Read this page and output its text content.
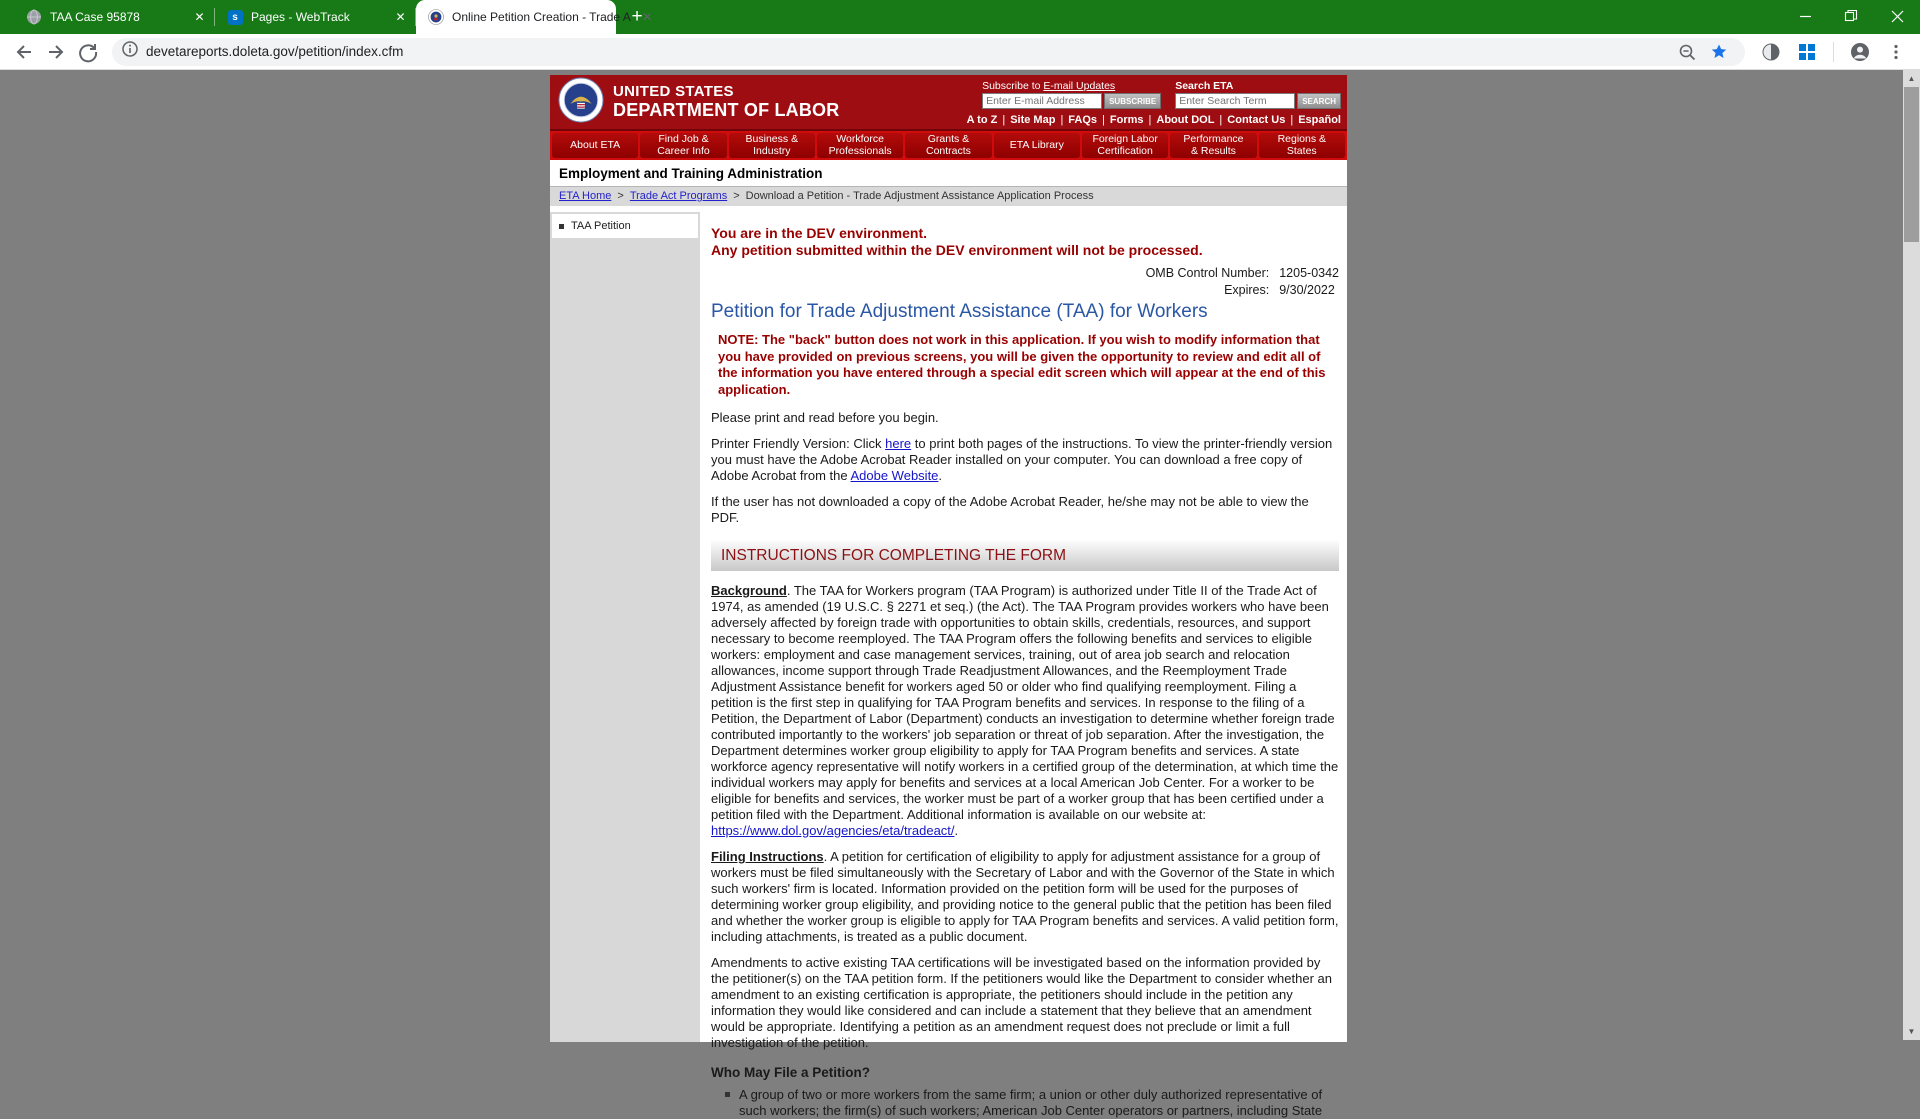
TAA Case 95878	✕	s	Pages - WebTrack	✕	Online Petition Creation - Trade A ✕
+
devetareports.doleta.gov/petition/index.cfm
UNITED STATES
DEPARTMENT OF LABOR
Subscribe to E-mail Updates
Enter E-mail Address
SUBSCRIBE
Search ETA
Enter Search Term
SEARCH
A to Z | Site Map | FAQs | Forms | About DOL | Contact Us | Español
About ETA	Find Job &
Career Info
Business &
Industry
Workforce
Professionals
Grants &
Contracts	ETA Library	Foreign Labor
Certification
Performance
& Results
Regions &
States
Employment and Training Administration
ETA Home > Trade Act Programs > Download a Petition - Trade Adjustment Assistance Application Process
TAA Petition	You are in the DEV environment.
Any petition submitted within the DEV environment will not be processed.
OMB Control Number: 1205-0342
Expires: 9/30/2022
Petition for Trade Adjustment Assistance (TAA) for Workers
NOTE: The "back" button does not work in this application. If you wish to modify information that you have provided on previous screens, you will be given the opportunity to review and edit all of the information you have entered through a special edit screen which will appear at the end of this application.

Please print and read before you begin.

Printer Friendly Version: Click here to print both pages of the instructions. To view the printer-friendly version you must have the Adobe Acrobat Reader installed on your computer. You can download a free copy of Adobe Acrobat from the Adobe Website.

If the user has not downloaded a copy of the Adobe Acrobat Reader, he/she may not be able to view the PDF.

INSTRUCTIONS FOR COMPLETING THE FORM

Background. The TAA for Workers program (TAA Program) is authorized under Title II of the Trade Act of 1974, as amended (19 U.S.C. § 2271 et seq.) (the Act). The TAA Program provides workers who have been adversely affected by foreign trade with opportunities to obtain skills, credentials, resources, and support necessary to become reemployed. The TAA Program offers the following benefits and services to eligible workers: employment and case management services, training, out of area job search and relocation allowances, income support through Trade Readjustment Allowances, and the Reemployment Trade Adjustment Assistance benefit for workers aged 50 or older who find qualifying reemployment. Filing a petition is the first step in qualifying for TAA Program benefits and services. In response to the filing of a Petition, the Department of Labor (Department) conducts an investigation to determine whether foreign trade contributed importantly to the workers' job separation or threat of job separation. After the investigation, the Department determines worker group eligibility to apply for TAA Program benefits and services. A state workforce agency representative will notify workers in a certified group of the determination, at which time the individual workers may apply for benefits and services at a local American Job Center. For a worker to be eligible for benefits and services, the worker must be part of a worker group that has been certified under a petition filed with the Department. Additional information is available on our website at: https://www.dol.gov/agencies/eta/tradeact/.

Filing Instructions. A petition for certification of eligibility to apply for adjustment assistance for a group of workers must be filed simultaneously with the Secretary of Labor and with the Governor of the State in which such workers' firm is located. Information provided on the petition form will be used for the purposes of determining worker group eligibility, and providing notice to the general public that the petition has been filed and whether the worker group is eligible to apply for TAA Program benefits and services. A valid petition form, including attachments, is treated as a public document.

Amendments to active existing TAA certifications will be investigated based on the information provided by the petitioner(s) on the TAA petition form. If the petitioners would like the Department to consider whether an amendment to an existing certification is appropriate, the petitioners should include in the petition any information they would like considered and can include a statement that they believe that an amendment would be appropriate. Identifying a petition as an amendment request does not preclude or limit a full investigation of the petition.

Who May File a Petition?
A group of two or more workers from the same firm; a union or other duly authorized representative of such workers; the firm(s) of such workers; American Job Center operators or partners, including State
▲
▼
